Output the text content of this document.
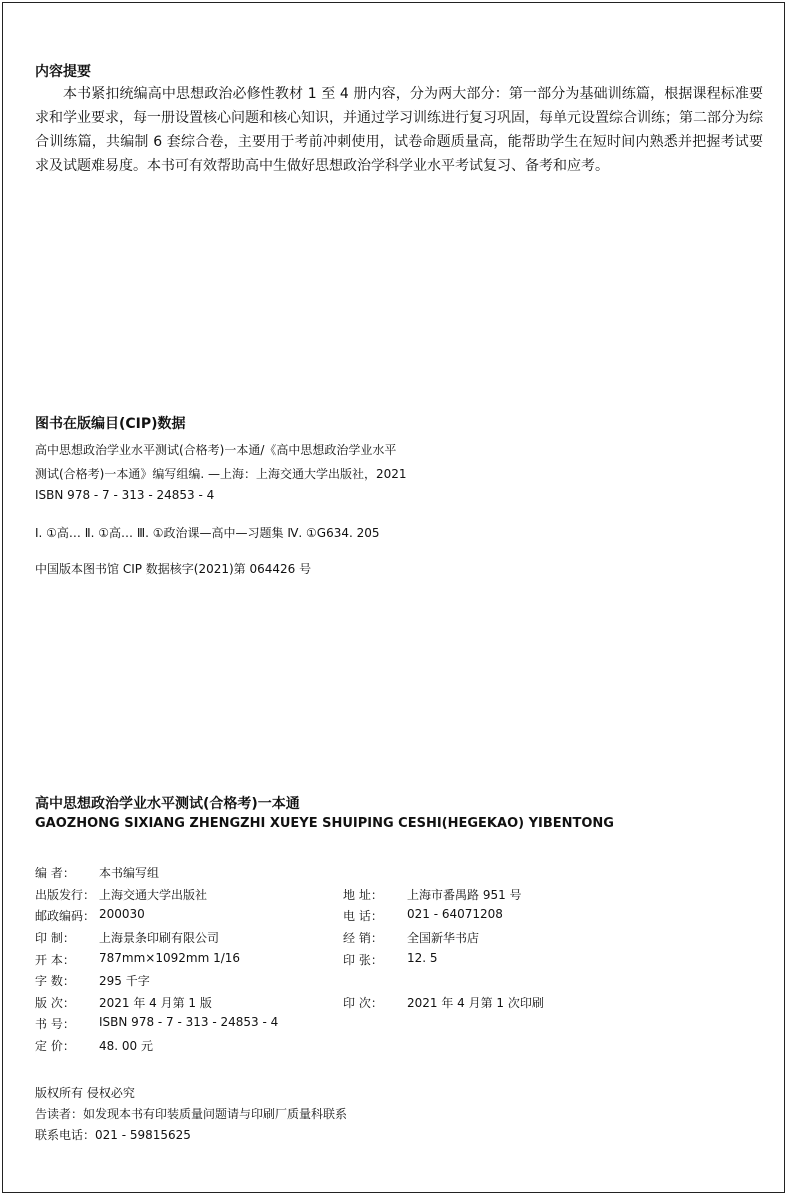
内容提要
本书紧扣统编高中思想政治必修性教材 1 至 4 册内容，分为两大部分：第一部分为基础训练篇，根据课程标准要求和学业要求，每一册设置核心问题和核心知识，并通过学习训练进行复习巩固，每单元设置综合训练；第二部分为综合训练篇，共编制 6 套综合卷，主要用于考前冲刺使用，试卷命题质量高，能帮助学生在短时间内熟悉并把握考试要求及试题难易度。本书可有效帮助高中生做好思想政治学科学业水平考试复习、备考和应考。
图书在版编目(CIP)数据
高中思想政治学业水平测试(合格考)一本通/《高中思想政治学业水平
测试(合格考)一本通》编写组编. —上海：上海交通大学出版社，2021
ISBN 978 - 7 - 313 - 24853 - 4
Ⅰ. ①高… Ⅱ. ①高… Ⅲ. ①政治课—高中—习题集 Ⅳ. ①G634. 205
中国版本图书馆 CIP 数据核字(2021)第 064426 号
高中思想政治学业水平测试(合格考)一本通
GAOZHONG SIXIANG ZHENGZHI XUEYE SHUIPING CESHI(HEGEKAO) YIBENTONG
编 者：	本书编写组
出版发行： 上海交通大学出版社	地 址：	上海市番禺路 951 号
邮政编码： 200030	电 话：	021 - 64071208
印 制：	上海景条印刷有限公司	经 销：	全国新华书店
开 本：	787mm×1092mm 1/16	印 张：	12. 5
字 数：	295 千字
版 次：	2021 年 4 月第 1 版	印 次：	2021 年 4 月第 1 次印刷
书 号：	ISBN 978 - 7 - 313 - 24853 - 4
定 价：	48. 00 元
版权所有 侵权必究
告读者：如发现本书有印装质量问题请与印刷厂质量科联系
联系电话：021 - 59815625
